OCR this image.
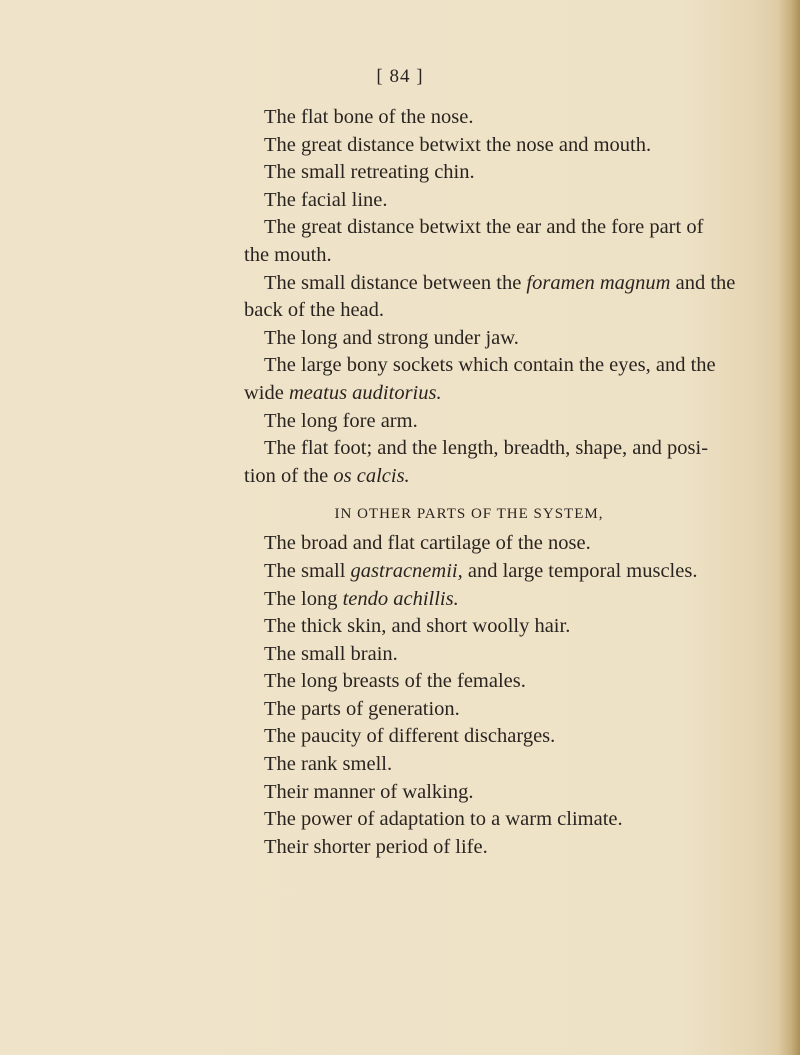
[ 84 ]
The flat bone of the nose.
The great distance betwixt the nose and mouth.
The small retreating chin.
The facial line.
The great distance betwixt the ear and the fore part of
the mouth.
The small distance between the foramen magnum and the
back of the head.
The long and strong under jaw.
The large bony sockets which contain the eyes, and the
wide meatus auditorius.
The long fore arm.
The flat foot; and the length, breadth, shape, and posi-
tion of the os calcis.
IN OTHER PARTS OF THE SYSTEM,
The broad and flat cartilage of the nose.
The small gastracnemii, and large temporal muscles.
The long tendo achillis.
The thick skin, and short woolly hair.
The small brain.
The long breasts of the females.
The parts of generation.
The paucity of different discharges.
The rank smell.
Their manner of walking.
The power of adaptation to a warm climate.
Their shorter period of life.
